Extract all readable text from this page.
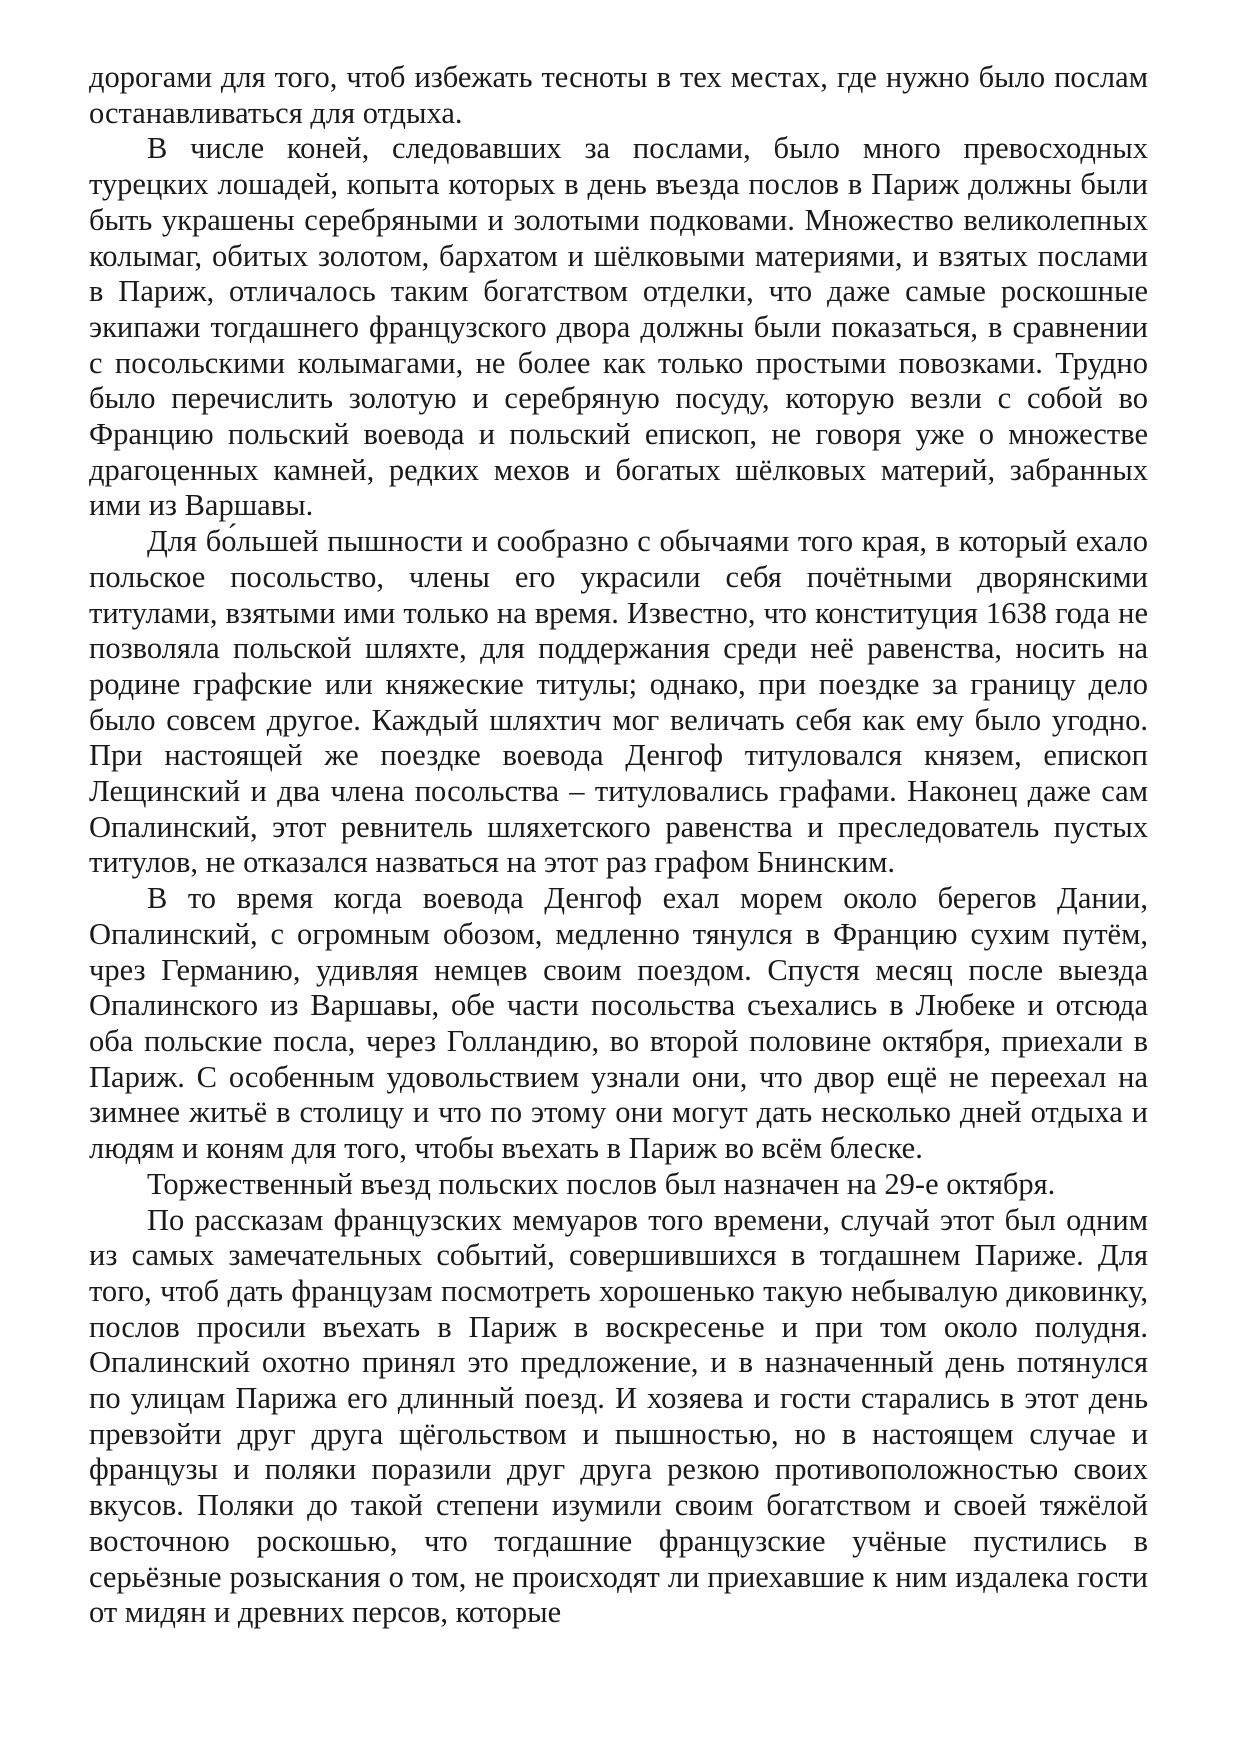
дорогами для того, чтоб избежать тесноты в тех местах, где нужно было послам останавливаться для отдыха.

В числе коней, следовавших за послами, было много превосходных турецких лошадей, копыта которых в день въезда послов в Париж должны были быть украшены серебряными и золотыми подковами. Множество великолепных колымаг, обитых золотом, бархатом и шёлковыми материями, и взятых послами в Париж, отличалось таким богатством отделки, что даже самые роскошные экипажи тогдашнего французского двора должны были показаться, в сравнении с посольскими колымагами, не более как только простыми повозками. Трудно было перечислить золотую и серебряную посуду, которую везли с собой во Францию польский воевода и польский епископ, не говоря уже о множестве драгоценных камней, редких мехов и богатых шёлковых материй, забранных ими из Варшавы.

Для бо́льшей пышности и сообразно с обычаями того края, в который ехало польское посольство, члены его украсили себя почётными дворянскими титулами, взятыми ими только на время. Известно, что конституция 1638 года не позволяла польской шляхте, для поддержания среди неё равенства, носить на родине графские или княжеские титулы; однако, при поездке за границу дело было совсем другое. Каждый шляхтич мог величать себя как ему было угодно. При настоящей же поездке воевода Денгоф титуловался князем, епископ Лещинский и два члена посольства – титуловались графами. Наконец даже сам Опалинский, этот ревнитель шляхетского равенства и преследователь пустых титулов, не отказался назваться на этот раз графом Бнинским.

В то время когда воевода Денгоф ехал морем около берегов Дании, Опалинский, с огромным обозом, медленно тянулся в Францию сухим путём, чрез Германию, удивляя немцев своим поездом. Спустя месяц после выезда Опалинского из Варшавы, обе части посольства съехались в Любеке и отсюда оба польские посла, через Голландию, во второй половине октября, приехали в Париж. С особенным удовольствием узнали они, что двор ещё не переехал на зимнее житьё в столицу и что по этому они могут дать несколько дней отдыха и людям и коням для того, чтобы въехать в Париж во всём блеске.

Торжественный въезд польских послов был назначен на 29-е октября.

По рассказам французских мемуаров того времени, случай этот был одним из самых замечательных событий, совершившихся в тогдашнем Париже. Для того, чтоб дать французам посмотреть хорошенько такую небывалую диковинку, послов просили въехать в Париж в воскресенье и при том около полудня. Опалинский охотно принял это предложение, и в назначенный день потянулся по улицам Парижа его длинный поезд. И хозяева и гости старались в этот день превзойти друг друга щёгольством и пышностью, но в настоящем случае и французы и поляки поразили друг друга резкою противоположностью своих вкусов. Поляки до такой степени изумили своим богатством и своей тяжёлой восточною роскошью, что тогдашние французские учёные пустились в серьёзные розыскания о том, не происходят ли приехавшие к ним издалека гости от мидян и древних персов, которые
